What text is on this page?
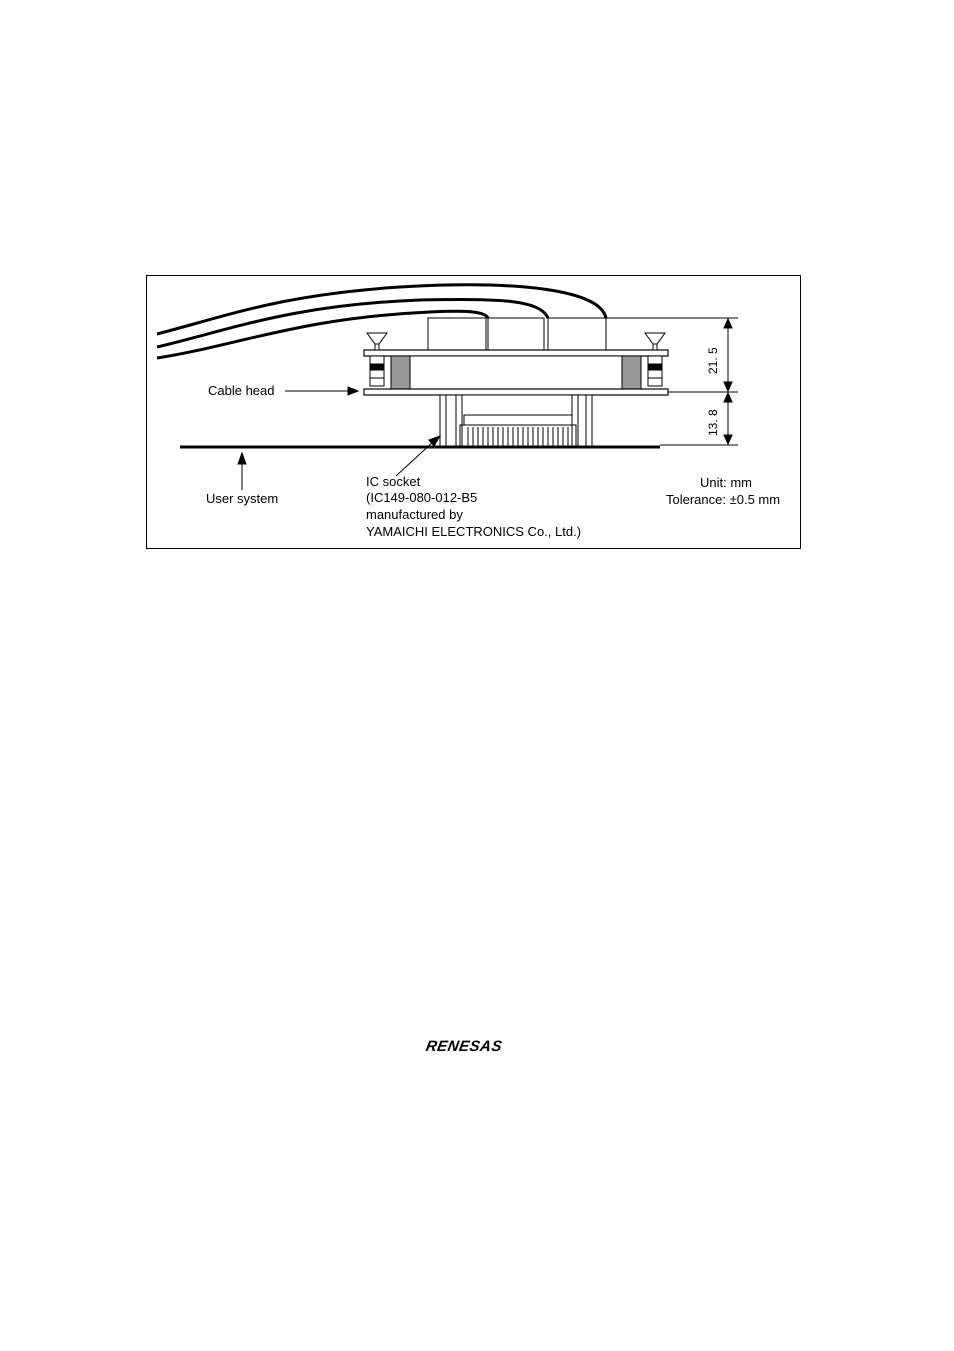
Cable head
User system
IC socket
(IC149-080-012-B5
manufactured by
YAMAICHI ELECTRONICS Co., Ltd.)
Unit: mm
Tolerance: ±0.5 mm
21. 5
13. 8
RENESAS
